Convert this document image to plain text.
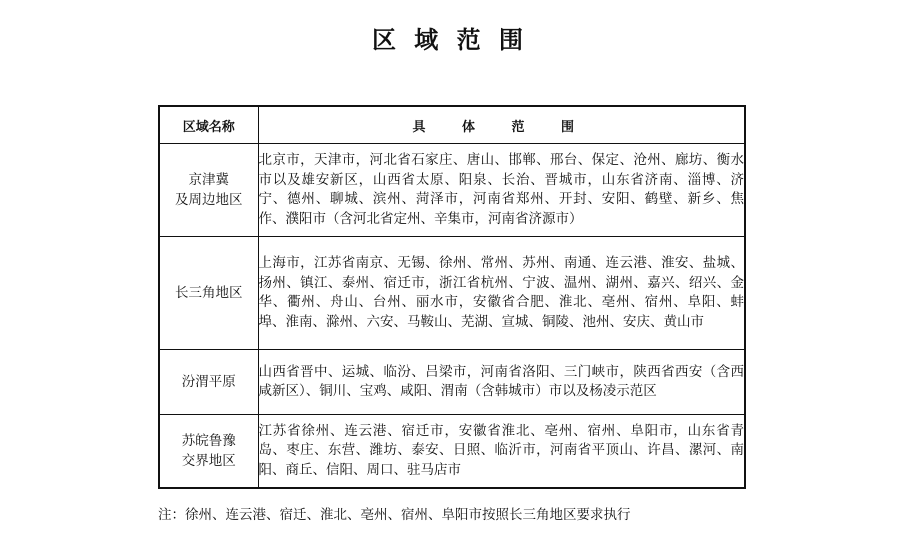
区 域 范 围
区域名称	具 体 范 围

京津冀
及周边地区	北京市，天津市，河北省石家庄、唐山、邯郸、邢台、保定、沧州、廊坊、衡水市以及雄安新区，山西省太原、阳泉、长治、晋城市，山东省济南、淄博、济宁、德州、聊城、滨州、菏泽市，河南省郑州、开封、安阳、鹤壁、新乡、焦作、濮阳市（含河北省定州、辛集市，河南省济源市）

长三角地区	上海市，江苏省南京、无锡、徐州、常州、苏州、南通、连云港、淮安、盐城、扬州、镇江、泰州、宿迁市，浙江省杭州、宁波、温州、湖州、嘉兴、绍兴、金华、衢州、舟山、台州、丽水市，安徽省合肥、淮北、亳州、宿州、阜阳、蚌埠、淮南、滁州、六安、马鞍山、芜湖、宣城、铜陵、池州、安庆、黄山市

汾渭平原	山西省晋中、运城、临汾、吕梁市，河南省洛阳、三门峡市，陕西省西安（含西咸新区）、铜川、宝鸡、咸阳、渭南（含韩城市）市以及杨凌示范区

苏皖鲁豫
交界地区	江苏省徐州、连云港、宿迁市，安徽省淮北、亳州、宿州、阜阳市，山东省青岛、枣庄、东营、潍坊、泰安、日照、临沂市，河南省平顶山、许昌、漯河、南阳、商丘、信阳、周口、驻马店市
注：徐州、连云港、宿迁、淮北、亳州、宿州、阜阳市按照长三角地区要求执行
